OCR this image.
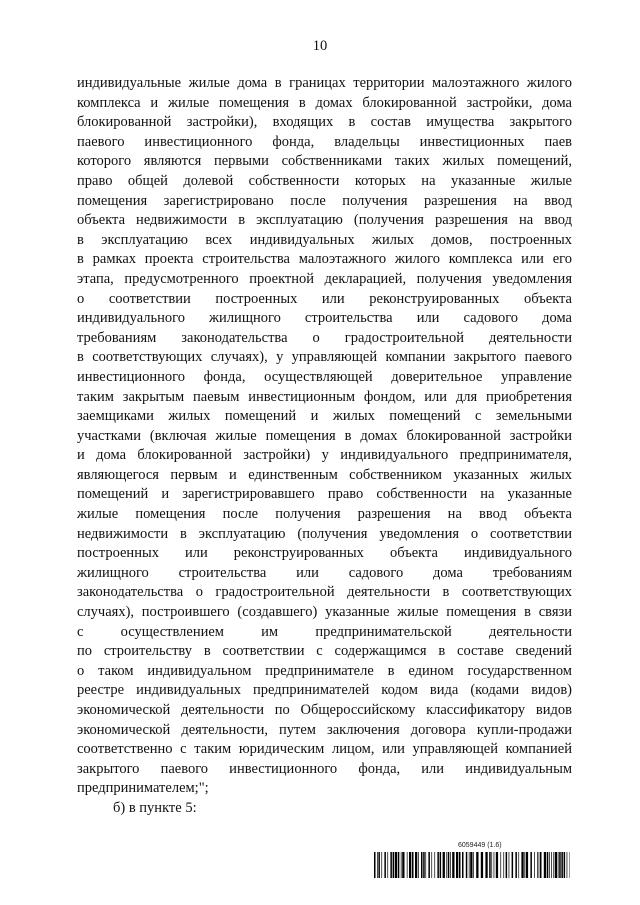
10
индивидуальные жилые дома в границах территории малоэтажного жилого
комплекса и жилые помещения в домах блокированной застройки, дома
блокированной застройки), входящих в состав имущества закрытого
паевого инвестиционного фонда, владельцы инвестиционных паев
которого являются первыми собственниками таких жилых помещений,
право общей долевой собственности которых на указанные жилые
помещения зарегистрировано после получения разрешения на ввод
объекта недвижимости в эксплуатацию (получения разрешения на ввод
в эксплуатацию всех индивидуальных жилых домов, построенных
в рамках проекта строительства малоэтажного жилого комплекса или его
этапа, предусмотренного проектной декларацией, получения уведомления
о соответствии построенных или реконструированных объекта
индивидуального жилищного строительства или садового дома
требованиям законодательства о градостроительной деятельности
в соответствующих случаях), у управляющей компании закрытого паевого
инвестиционного фонда, осуществляющей доверительное управление
таким закрытым паевым инвестиционным фондом, или для приобретения
заемщиками жилых помещений и жилых помещений с земельными
участками (включая жилые помещения в домах блокированной застройки
и дома блокированной застройки) у индивидуального предпринимателя,
являющегося первым и единственным собственником указанных жилых
помещений и зарегистрировавшего право собственности на указанные
жилые помещения после получения разрешения на ввод объекта
недвижимости в эксплуатацию (получения уведомления о соответствии
построенных или реконструированных объекта индивидуального
жилищного строительства или садового дома требованиям
законодательства о градостроительной деятельности в соответствующих
случаях), построившего (создавшего) указанные жилые помещения в связи
с осуществлением им предпринимательской деятельности
по строительству в соответствии с содержащимся в составе сведений
о таком индивидуальном предпринимателе в едином государственном
реестре индивидуальных предпринимателей кодом вида (кодами видов)
экономической деятельности по Общероссийскому классификатору видов
экономической деятельности, путем заключения договора купли-продажи
соответственно с таким юридическим лицом, или управляющей компанией
закрытого паевого инвестиционного фонда, или индивидуальным
предпринимателем;";
б) в пункте 5:
6059449 (1.6)
